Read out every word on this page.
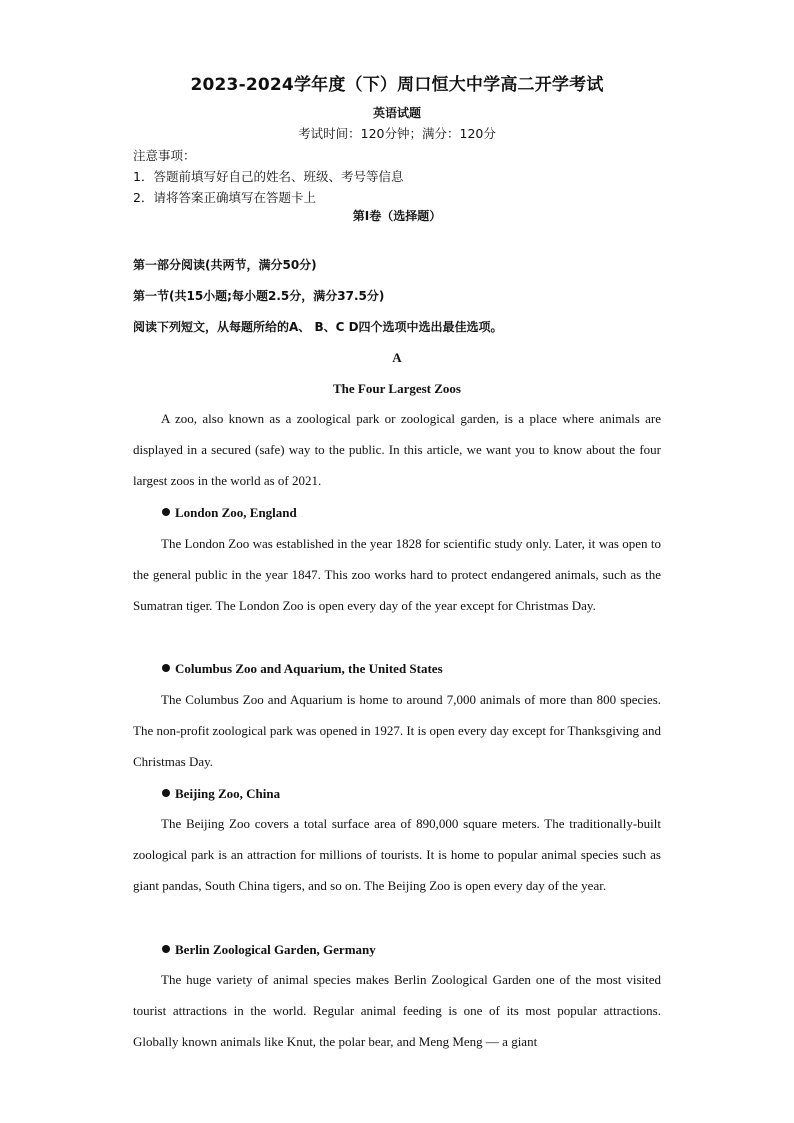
2023-2024学年度（下）周口恒大中学高二开学考试
英语试题
考试时间：120分钟；满分：120分
注意事项：
1．答题前填写好自己的姓名、班级、考号等信息
2．请将答案正确填写在答题卡上
第I卷（选择题）
第一部分阅读(共两节，满分50分)
第一节(共15小题;每小题2.5分，满分37.5分)
阅读下列短文，从每题所给的A、 B、C D四个选项中选出最佳选项。
A
The Four Largest Zoos

A zoo, also known as a zoological park or zoological garden, is a place where animals are displayed in a secured (safe) way to the public. In this article, we want you to know about the four largest zoos in the world as of 2021.

London Zoo, England

The London Zoo was established in the year 1828 for scientific study only. Later, it was open to the general public in the year 1847. This zoo works hard to protect endangered animals, such as the Sumatran tiger. The London Zoo is open every day of the year except for Christmas Day.

Columbus Zoo and Aquarium, the United States

The Columbus Zoo and Aquarium is home to around 7,000 animals of more than 800 species. The non-profit zoological park was opened in 1927. It is open every day except for Thanksgiving and Christmas Day.

Beijing Zoo, China

The Beijing Zoo covers a total surface area of 890,000 square meters. The traditionally-built zoological park is an attraction for millions of tourists. It is home to popular animal species such as giant pandas, South China tigers, and so on. The Beijing Zoo is open every day of the year.

Berlin Zoological Garden, Germany

The huge variety of animal species makes Berlin Zoological Garden one of the most visited tourist attractions in the world. Regular animal feeding is one of its most popular attractions. Globally known animals like Knut, the polar bear, and Meng Meng — a giant
